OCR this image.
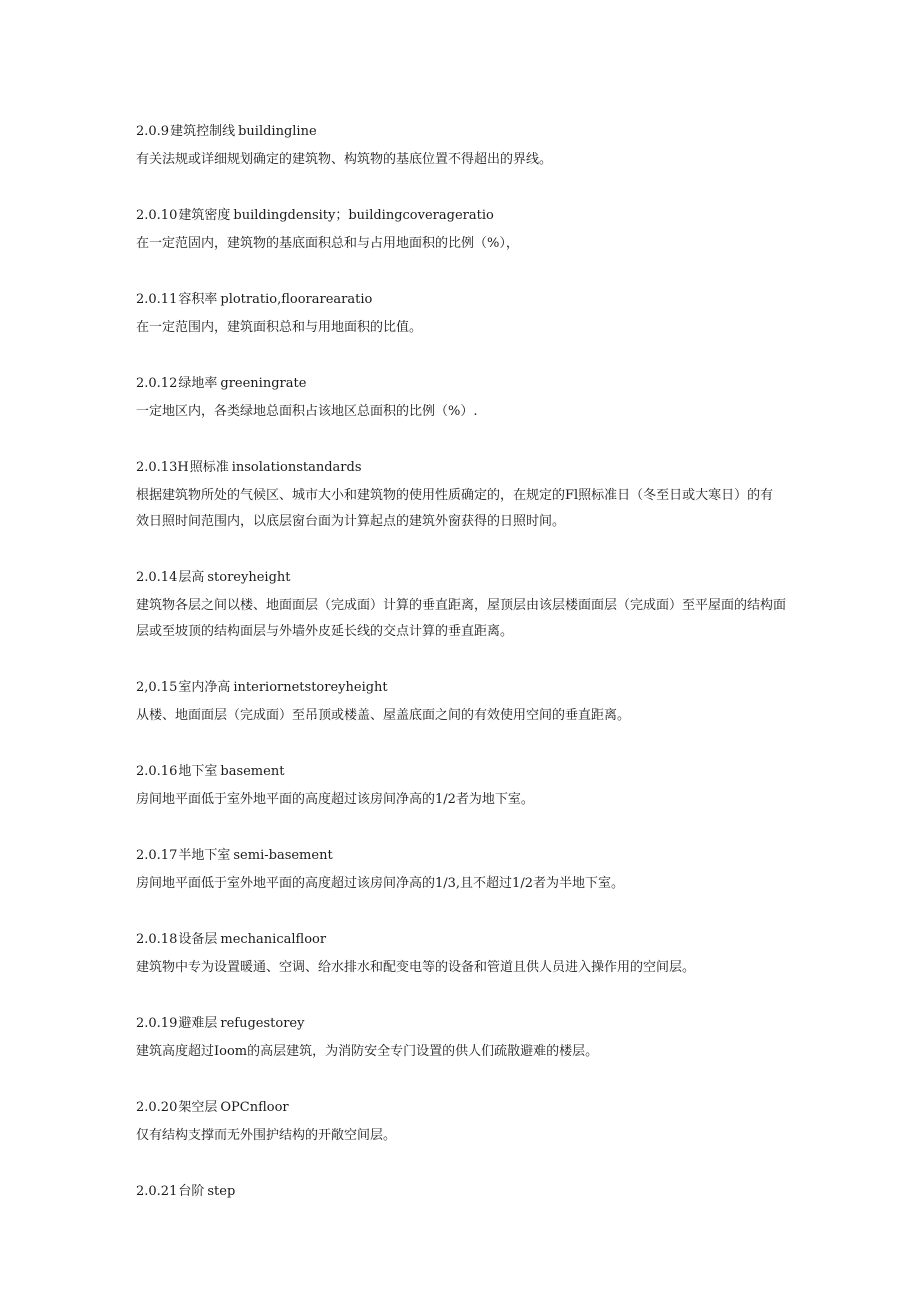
2.0.9建筑控制线 buildingline
有关法规或详细规划确定的建筑物、构筑物的基底位置不得超出的界线。
2.0.10建筑密度 buildingdensity；buildingcoverageratio
在一定范固内，建筑物的基底面积总和与占用地面积的比例（%），
2.0.11容积率 plotratio,floorarearatio
在一定范围内，建筑面积总和与用地面积的比值。
2.0.12绿地率 greeningrate
一定地区内，各类绿地总面积占该地区总面积的比例（%）.
2.0.13H照标准 insolationstandards
根据建筑物所处的气候区、城市大小和建筑物的使用性质确定的，在规定的Fl照标准日（冬至日或大寒日）的有效日照时间范围内，以底层窗台面为计算起点的建筑外窗获得的日照时间。
2.0.14层高 storeyheight
建筑物各层之间以楼、地面面层（完成面）计算的垂直距离，屋顶层由该层楼面面层（完成面）至平屋面的结构面层或至坡顶的结构面层与外墙外皮延长线的交点计算的垂直距离。
2,0.15室内净高 interiornetstoreyheight
从楼、地面面层（完成面）至吊顶或楼盖、屋盖底面之间的有效使用空间的垂直距离。
2.0.16地下室 basement
房间地平面低于室外地平面的高度超过该房间净高的1/2者为地下室。
2.0.17半地下室 semi-basement
房间地平面低于室外地平面的高度超过该房间净高的1/3,且不超过1/2者为半地下室。
2.0.18设备层 mechanicalfloor
建筑物中专为设置暖通、空调、给水排水和配变电等的设备和管道且供人员进入操作用的空间层。
2.0.19避难层 refugestorey
建筑高度超过Ioom的高层建筑，为消防安全专门设置的供人们疏散避难的楼层。
2.0.20架空层 OPCnfloor
仅有结构支撑而无外围护结构的开敞空间层。
2.0.21台阶 step
